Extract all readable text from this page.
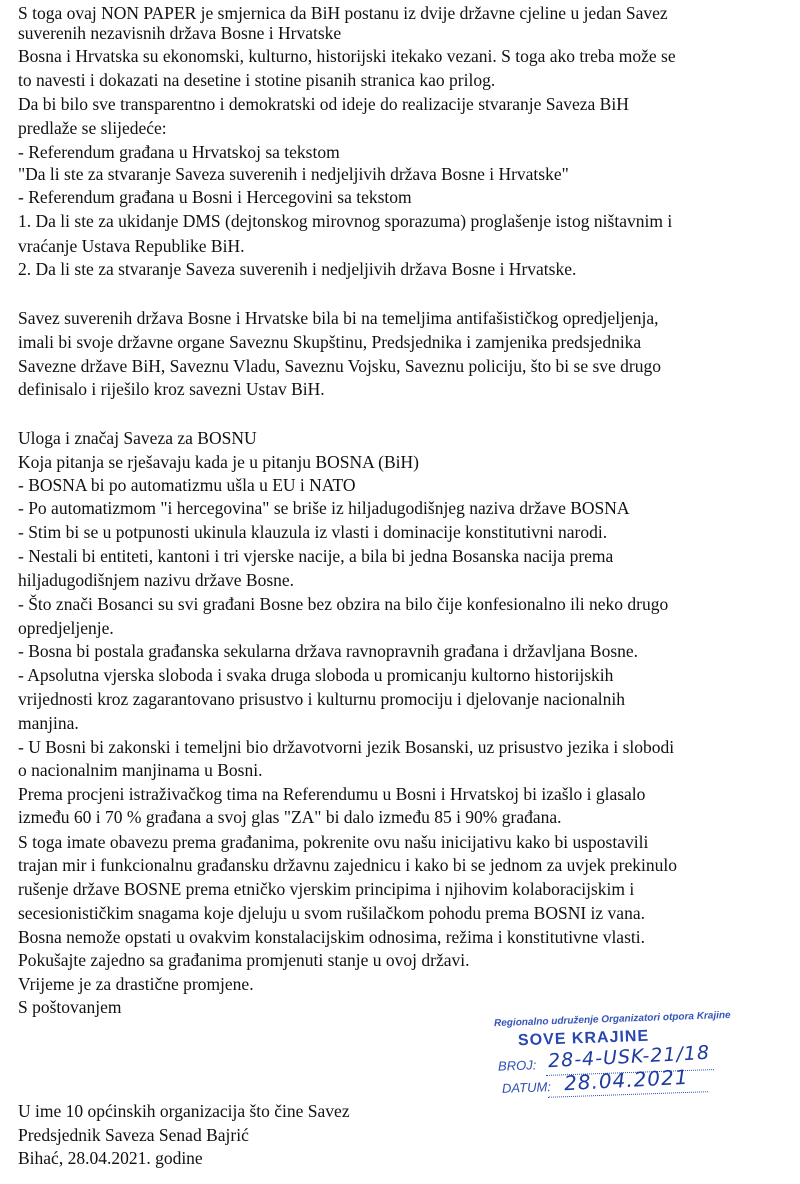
S toga ovaj NON PAPER je smjernica da BiH postanu iz dvije državne cjeline u jedan Savez
suverenih nezavisnih država Bosne i Hrvatske
Bosna i Hrvatska su ekonomski, kulturno, historijski itekako vezani. S toga ako treba može se
to navesti i dokazati na desetine i stotine pisanih stranica kao prilog.
Da bi bilo sve transparentno i demokratski od ideje do realizacije stvaranje Saveza BiH
predlaže se slijedeće:
- Referendum građana u Hrvatskoj sa tekstom
"Da li ste za stvaranje Saveza suverenih i nedjeljivih država Bosne i Hrvatske"
- Referendum građana u Bosni i Hercegovini sa tekstom
1. Da li ste za ukidanje DMS (dejtonskog mirovnog sporazuma) proglašenje istog ništavnim i
vraćanje Ustava Republike BiH.
2. Da li ste za stvaranje Saveza suverenih i nedjeljivih država Bosne i Hrvatske.
Savez suverenih država Bosne i Hrvatske bila bi na temeljima antifašističkog opredjeljenja,
imali bi svoje državne organe Saveznu Skupštinu, Predsjednika i zamjenika predsjednika
Savezne države BiH, Saveznu Vladu, Saveznu Vojsku, Saveznu policiju, što bi se sve drugo
definisalo i riješilo kroz savezni Ustav BiH.
Uloga i značaj Saveza za BOSNU
Koja pitanja se rješavaju kada je u pitanju BOSNA (BiH)
- BOSNA bi po automatizmu ušla u EU i NATO
- Po automatizmom "i hercegovina" se briše iz hiljadugodišnjeg naziva države BOSNA
- Stim bi se u potpunosti ukinula klauzula iz vlasti i dominacije konstitutivni narodi.
- Nestali bi entiteti, kantoni i tri vjerske nacije, a bila bi jedna Bosanska nacija prema
hiljadugodišnjem nazivu države Bosne.
- Što znači Bosanci su svi građani Bosne bez obzira na bilo čije konfesionalno ili neko drugo
opredjeljenje.
- Bosna bi postala građanska sekularna država ravnopravnih građana i državljana Bosne.
- Apsolutna vjerska sloboda i svaka druga sloboda u promicanju kultorno historijskih
vrijednosti kroz zagarantovano prisustvo i kulturnu promociju i djelovanje nacionalnih
manjina.
- U Bosni bi zakonski i temeljni bio državotvorni jezik Bosanski, uz prisustvo jezika i slobodi
o nacionalnim manjinama u Bosni.
Prema procjeni istraživačkog tima na Referendumu u Bosni i Hrvatskoj bi izašlo i glasalo
između 60 i 70 % građana a svoj glas "ZA" bi dalo između 85 i 90% građana.
S toga imate obavezu prema građanima, pokrenite ovu našu inicijativu kako bi uspostavili
trajan mir i funkcionalnu građansku državnu zajednicu i kako bi se jednom za uvjek prekinulo
rušenje države BOSNE prema etničko vjerskim principima i njihovim kolaboracijskim i
secesionističkim snagama koje djeluju u svom rušilačkom pohodu prema BOSNI iz vana.
Bosna nemože opstati u ovakvim konstalacijskim odnosima, režima i konstitutivne vlasti.
Pokušajte zajedno sa građanima promjenuti stanje u ovoj državi.
Vrijeme je za drastične promjene.
S poštovanjem
U ime 10 općinskih organizacija što čine Savez
Predsjednik Saveza Senad Bajrić
Bihać, 28.04.2021. godine
Regionalno udruženje Organizatori otpora Krajine
SOVE KRAJINE
BROJ: 28-4-USK-21/18
DATUM: 28.04.2021
